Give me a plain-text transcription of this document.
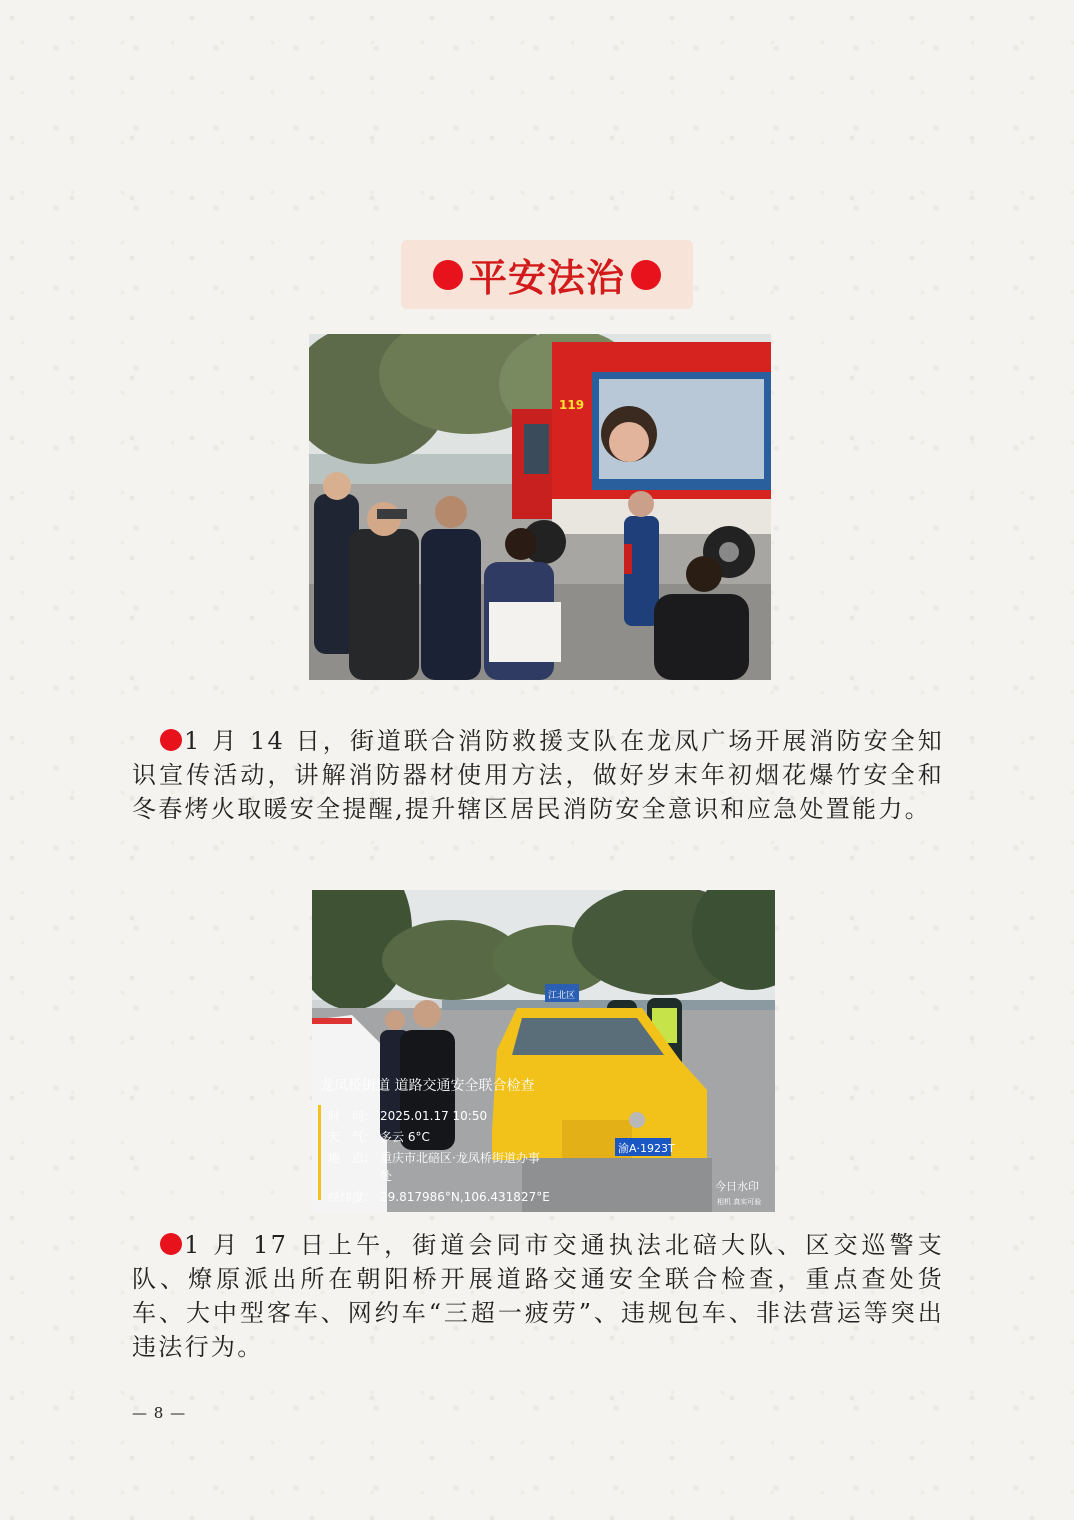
平安法治
119

1 月 14 日，街道联合消防救援支队在龙凤广场开展消防安全知识宣传活动，讲解消防器材使用方法，做好岁末年初烟花爆竹安全和冬春烤火取暖安全提醒,提升辖区居民消防安全意识和应急处置能力。

江北区
渝A·1923T
龙凤桥街道 道路交通安全联合检查
时　间: 2025.01.17 10:50
天　气: 多云 6°C
地　点: 重庆市北碚区·龙凤桥街道办事
处
经纬度: 29.817986°N,106.431827°E
今日水印
相机 真实可验

1 月 17 日上午，街道会同市交通执法北碚大队、区交巡警支队、燎原派出所在朝阳桥开展道路交通安全联合检查，重点查处货车、大中型客车、网约车“三超一疲劳”、违规包车、非法营运等突出违法行为。

— 8 —
